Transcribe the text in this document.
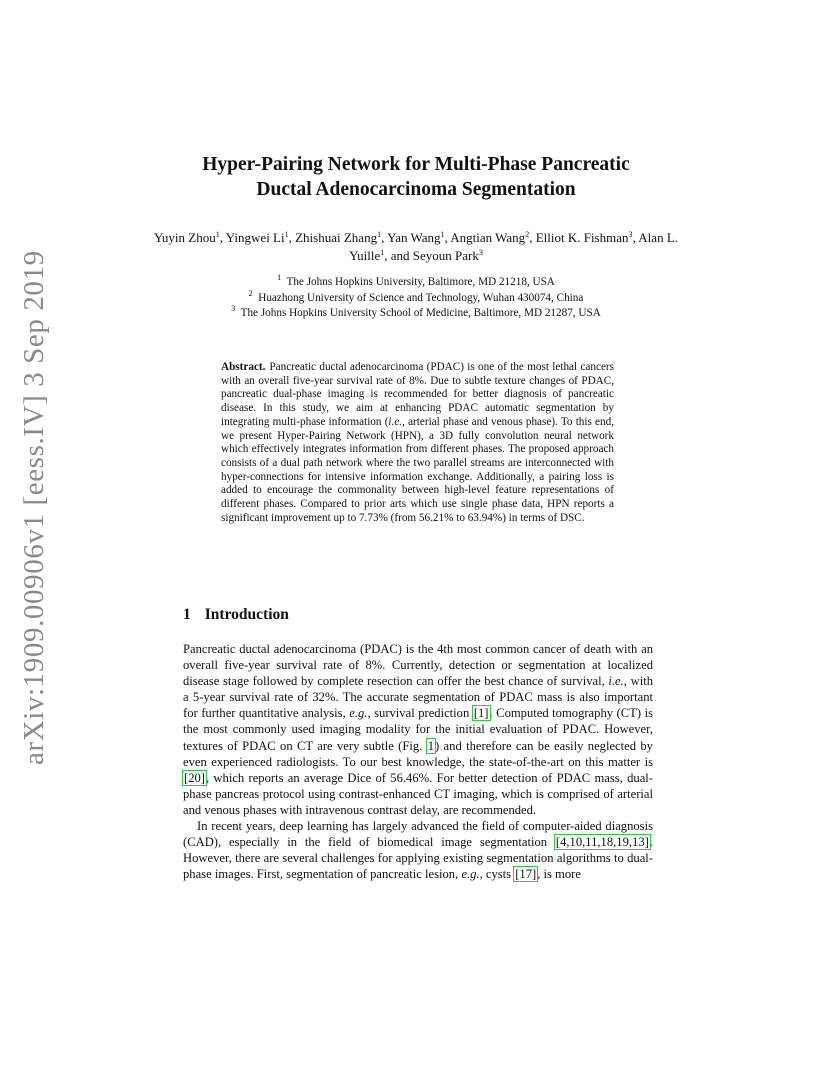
arXiv:1909.00906v1 [eess.IV] 3 Sep 2019
Hyper-Pairing Network for Multi-Phase Pancreatic
Ductal Adenocarcinoma Segmentation
Yuyin Zhou$^1$, Yingwei Li$^1$, Zhishuai Zhang$^1$, Yan Wang$^1$, Angtian Wang$^2$, Elliot K. Fishman$^3$, Alan L. Yuille$^1$, and Seyoun Park$^3$
$^1$ The Johns Hopkins University, Baltimore, MD 21218, USA
$^2$ Huazhong University of Science and Technology, Wuhan 430074, China
$^3$ The Johns Hopkins University School of Medicine, Baltimore, MD 21287, USA
Abstract. Pancreatic ductal adenocarcinoma (PDAC) is one of the most lethal cancers with an overall five-year survival rate of 8%. Due to subtle texture changes of PDAC, pancreatic dual-phase imaging is recommended for better diagnosis of pancreatic disease. In this study, we aim at enhancing PDAC automatic segmentation by integrating multi-phase information (i.e., arterial phase and venous phase). To this end, we present Hyper-Pairing Network (HPN), a 3D fully convolution neural network which effectively integrates information from different phases. The proposed approach consists of a dual path network where the two parallel streams are interconnected with hyper-connections for intensive information exchange. Additionally, a pairing loss is added to encourage the commonality between high-level feature representations of different phases. Compared to prior arts which use single phase data, HPN reports a significant improvement up to 7.73% (from 56.21% to 63.94%) in terms of DSC.
1 Introduction

Pancreatic ductal adenocarcinoma (PDAC) is the 4th most common cancer of death with an overall five-year survival rate of 8%. Currently, detection or segmentation at localized disease stage followed by complete resection can offer the best chance of survival, i.e., with a 5-year survival rate of 32%. The accurate segmentation of PDAC mass is also important for further quantitative analysis, e.g., survival prediction [1]. Computed tomography (CT) is the most commonly used imaging modality for the initial evaluation of PDAC. However, textures of PDAC on CT are very subtle (Fig. 1) and therefore can be easily neglected by even experienced radiologists. To our best knowledge, the state-of-the-art on this matter is [20], which reports an average Dice of 56.46%. For better detection of PDAC mass, dual-phase pancreas protocol using contrast-enhanced CT imaging, which is comprised of arterial and venous phases with intravenous contrast delay, are recommended.

In recent years, deep learning has largely advanced the field of computer-aided diagnosis (CAD), especially in the field of biomedical image segmentation [4,10,11,18,19,13]. However, there are several challenges for applying existing segmentation algorithms to dual-phase images. First, segmentation of pancreatic lesion, e.g., cysts [17], is more
